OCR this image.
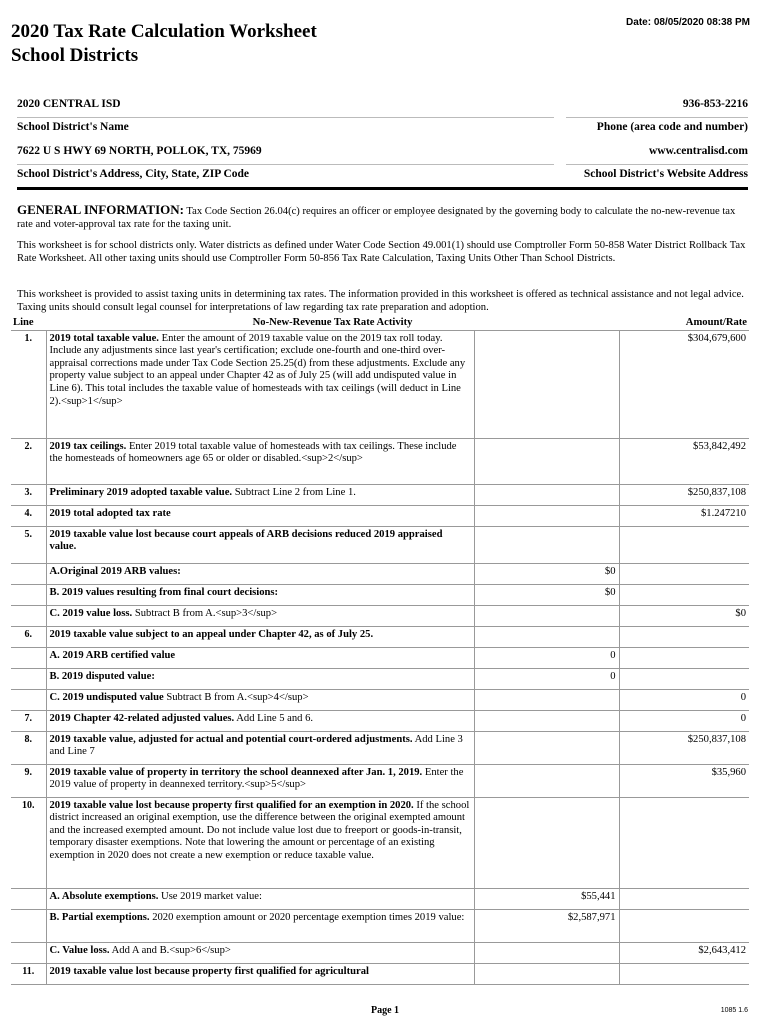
2020 Tax Rate Calculation Worksheet
School Districts
Date: 08/05/2020 08:38 PM
2020 CENTRAL ISD
School District's Name
936-853-2216
Phone (area code and number)
7622 U S HWY 69 NORTH, POLLOK, TX, 75969
School District's Address, City, State, ZIP Code
www.centralisd.com
School District's Website Address
GENERAL INFORMATION: Tax Code Section 26.04(c) requires an officer or employee designated by the governing body to calculate the no-new-revenue tax rate and voter-approval tax rate for the taxing unit.
This worksheet is for school districts only. Water districts as defined under Water Code Section 49.001(1) should use Comptroller Form 50-858 Water District Rollback Tax Rate Worksheet. All other taxing units should use Comptroller Form 50-856 Tax Rate Calculation, Taxing Units Other Than School Districts.
This worksheet is provided to assist taxing units in determining tax rates. The information provided in this worksheet is offered as technical assistance and not legal advice. Taxing units should consult legal counsel for interpretations of law regarding tax rate preparation and adoption.
Line	No-New-Revenue Tax Rate Activity		Amount/Rate
1.	2019 total taxable value. Enter the amount of 2019 taxable value on the 2019 tax roll today. Include any adjustments since last year's certification; exclude one-fourth and one-third over-appraisal corrections made under Tax Code Section 25.25(d) from these adjustments. Exclude any property value subject to an appeal under Chapter 42 as of July 25 (will add undisputed value in Line 6). This total includes the taxable value of homesteads with tax ceilings (will deduct in Line 2).<sup>1</sup>		$304,679,600
2.	2019 tax ceilings. Enter 2019 total taxable value of homesteads with tax ceilings. These include the homesteads of homeowners age 65 or older or disabled.<sup>2</sup>		$53,842,492
3.	Preliminary 2019 adopted taxable value. Subtract Line 2 from Line 1.		$250,837,108
4.	2019 total adopted tax rate		$1.247210
5.	2019 taxable value lost because court appeals of ARB decisions reduced 2019 appraised value.		
	A.Original 2019 ARB values:	$0	
	B. 2019 values resulting from final court decisions:	$0	
	C. 2019 value loss. Subtract B from A.<sup>3</sup>		$0
6.	2019 taxable value subject to an appeal under Chapter 42, as of July 25.		
	A. 2019 ARB certified value	0	
	B. 2019 disputed value:	0	
	C. 2019 undisputed value Subtract B from A.<sup>4</sup>		0
7.	2019 Chapter 42-related adjusted values. Add Line 5 and 6.		0
8.	2019 taxable value, adjusted for actual and potential court-ordered adjustments. Add Line 3 and Line 7		$250,837,108
9.	2019 taxable value of property in territory the school deannexed after Jan. 1, 2019. Enter the 2019 value of property in deannexed territory.<sup>5</sup>		$35,960
10.	2019 taxable value lost because property first qualified for an exemption in 2020. If the school district increased an original exemption, use the difference between the original exempted amount and the increased exempted amount. Do not include value lost due to freeport or goods-in-transit, temporary disaster exemptions. Note that lowering the amount or percentage of an existing exemption in 2020 does not create a new exemption or reduce taxable value.		
	A. Absolute exemptions. Use 2019 market value:	$55,441	
	B. Partial exemptions. 2020 exemption amount or 2020 percentage exemption times 2019 value:	$2,587,971	
	C. Value loss. Add A and B.<sup>6</sup>		$2,643,412
11.	2019 taxable value lost because property first qualified for agricultural		
Page 1	1085 1.6
